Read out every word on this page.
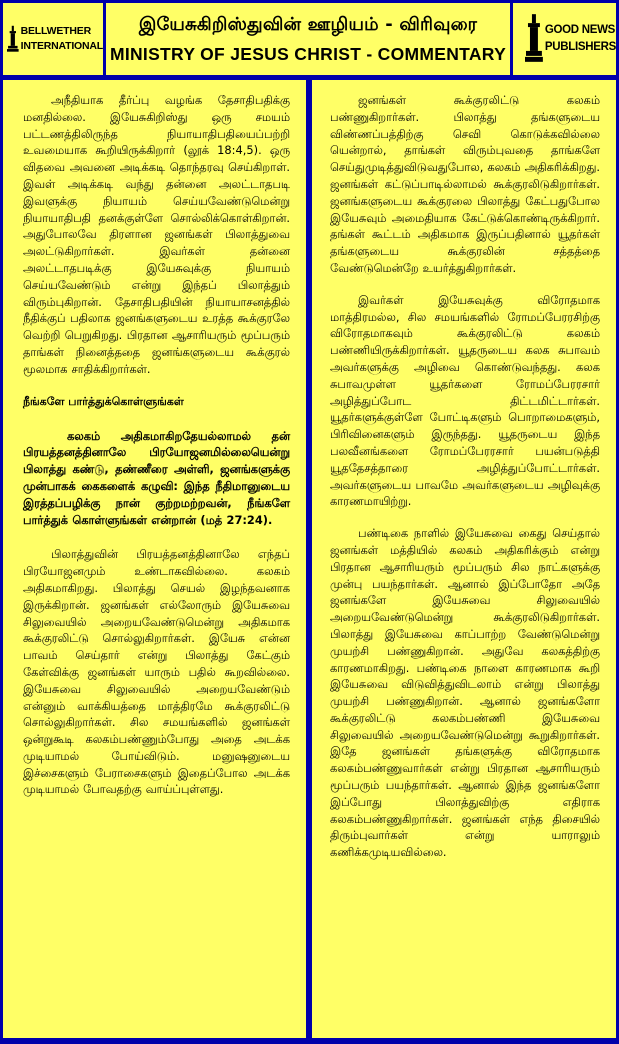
BELLWETHER
INTERNATIONAL
இயேசுகிறிஸ்துவின் ஊழியம் - விரிவுரை
MINISTRY OF JESUS CHRIST - COMMENTARY
GOOD NEWS
PUBLISHERS

அநீதியாக தீர்ப்பு வழங்க தேசாதிபதிக்கு மனதில்லை. இயேசுகிறிஸ்து ஒரு சமயம் பட்டணத்திலிருந்த நியாயாதிபதியைப்பற்றி உவமையாக கூறியிருக்கிறார் (லூக் 18:4,5). ஒரு விதவை அவனை அடிக்கடி தொந்தரவு செய்கிறாள். இவள் அடிக்கடி வந்து தன்னை அலட்டாதபடி இவளுக்கு நியாயம் செய்யவேண்டுமென்று நியாயாதிபதி தனக்குள்ளே சொல்லிக்கொள்கிறான். அதுபோலவே திரளான ஜனங்கள் பிலாத்துவை அலட்டுகிறார்கள். இவர்கள் தன்னை அலட்டாதபடிக்கு இயேசுவுக்கு நியாயம் செய்யவேண்டும் என்று இந்தப் பிலாத்தும் விரும்புகிறான். தேசாதிபதியின் நியாயாசனத்தில் நீதிக்குப் பதிலாக ஜனங்களுடைய உரத்த கூக்குரலே வெற்றி பெறுகிறது. பிரதான ஆசாரியரும் மூப்பரும் தாங்கள் நினைத்ததை ஜனங்களுடைய கூக்குரல் மூலமாக சாதிக்கிறார்கள்.

நீங்களே பார்த்துக்கொள்ளுங்கள்

கலகம் அதிகமாகிறதேயல்லாமல் தன் பிரயத்தனத்தினாலே பிரயோஜனமில்லையென்று பிலாத்து கண்டு, தண்ணீரை அள்ளி, ஜனங்களுக்கு முன்பாகக் கைகளைக் கழுவி: இந்த நீதிமானுடைய இரத்தப்பழிக்கு நான் குற்றமற்றவன், நீங்களே பார்த்துக் கொள்ளுங்கள் என்றான் (மத் 27:24).

பிலாத்துவின் பிரயத்தனத்தினாலே எந்தப் பிரயோஜனமும் உண்டாகவில்லை. கலகம் அதிகமாகிறது. பிலாத்து செயல் இழந்தவனாக இருக்கிறான். ஜனங்கள் எல்லோரும் இயேசுவை சிலுவையில் அறையவேண்டுமென்று அதிகமாக கூக்குரலிட்டு சொல்லுகிறார்கள். இயேசு என்ன பாவம் செய்தார் என்று பிலாத்து கேட்கும் கேள்விக்கு ஜனங்கள் யாரும் பதில் கூறவில்லை. இயேசுவை சிலுவையில் அறையவேண்டும் என்னும் வாக்கியத்தை மாத்திரமே கூக்குரலிட்டு சொல்லுகிறார்கள். சில சமயங்களில் ஜனங்கள் ஒன்றுகூடி கலகம்பண்ணும்போது அதை அடக்க முடியாமல் போய்விடும். மனுஷனுடைய இச்சைகளும் பேராசைகளும் இதைப்போல அடக்க முடியாமல் போவதற்கு வாய்ப்புள்ளது.

ஜனங்கள் கூக்குரலிட்டு கலகம் பண்ணுகிறார்கள். பிலாத்து தங்களுடைய விண்ணப்பத்திற்கு செவி கொடுக்கவில்லை யென்றால், தாங்கள் விரும்புவதை தாங்களே செய்துமுடித்துவிடுவதுபோல, கலகம் அதிகரிக்கிறது. ஜனங்கள் கட்டுப்பாடில்லாமல் கூக்குரலிடுகிறார்கள். ஜனங்களுடைய கூக்குரலை பிலாத்து கேட்பதுபோல இயேசுவும் அமைதியாக கேட்டுக்கொண்டிருக்கிறார். தங்கள் கூட்டம் அதிகமாக இருப்பதினால் யூதர்கள் தங்களுடைய கூக்குரலின் சத்தத்தை வேண்டுமென்றே உயர்த்துகிறார்கள்.

இவர்கள் இயேசுவுக்கு விரோதமாக மாத்திரமல்ல, சில சமயங்களில் ரோமப்பேரரசிற்கு விரோதமாகவும் கூக்குரலிட்டு கலகம் பண்ணியிருக்கிறார்கள். யூதருடைய கலக சுபாவம் அவர்களுக்கு அழிவை கொண்டுவந்தது. கலக சுபாவமுள்ள யூதர்களை ரோமப்பேரரசார் அழித்துப்போட திட்டமிட்டார்கள். யூதர்களுக்குள்ளே போட்டிகளும் பொறாமைகளும், பிரிவினைகளும் இருந்தது. யூதருடைய இந்த பலவீனங்களை ரோமப்பேரரசார் பயன்படுத்தி யூததேசத்தாரை அழித்துப்போட்டார்கள். அவர்களுடைய பாவமே அவர்களுடைய அழிவுக்கு காரணமாயிற்று.

பண்டிகை நாளில் இயேசுவை கைது செய்தால் ஜனங்கள் மத்தியில் கலகம் அதிகரிக்கும் என்று பிரதான ஆசாரியரும் மூப்பரும் சில நாட்களுக்கு முன்பு பயந்தார்கள். ஆனால் இப்போதோ அதே ஜனங்களே இயேசுவை சிலுவையில் அறையவேண்டுமென்று கூக்குரலிடுகிறார்கள். பிலாத்து இயேசுவை காப்பாற்ற வேண்டுமென்று முயற்சி பண்ணுகிறான். அதுவே கலகத்திற்கு காரணமாகிறது. பண்டிகை நாளை காரணமாக கூறி இயேசுவை விடுவித்துவிடலாம் என்று பிலாத்து முயற்சி பண்ணுகிறான். ஆனால் ஜனங்களோ கூக்குரலிட்டு கலகம்பண்ணி இயேசுவை சிலுவையில் அறையவேண்டுமென்று கூறுகிறார்கள். இதே ஜனங்கள் தங்களுக்கு விரோதமாக கலகம்பண்ணுவார்கள் என்று பிரதான ஆசாரியரும் மூப்பரும் பயந்தார்கள். ஆனால் இந்த ஜனங்களோ இப்போது பிலாத்துவிற்கு எதிராக கலகம்பண்ணுகிறார்கள். ஜனங்கள் எந்த திசையில் திரும்புவார்கள் என்று யாராலும் கணிக்கமுடியவில்லை.
